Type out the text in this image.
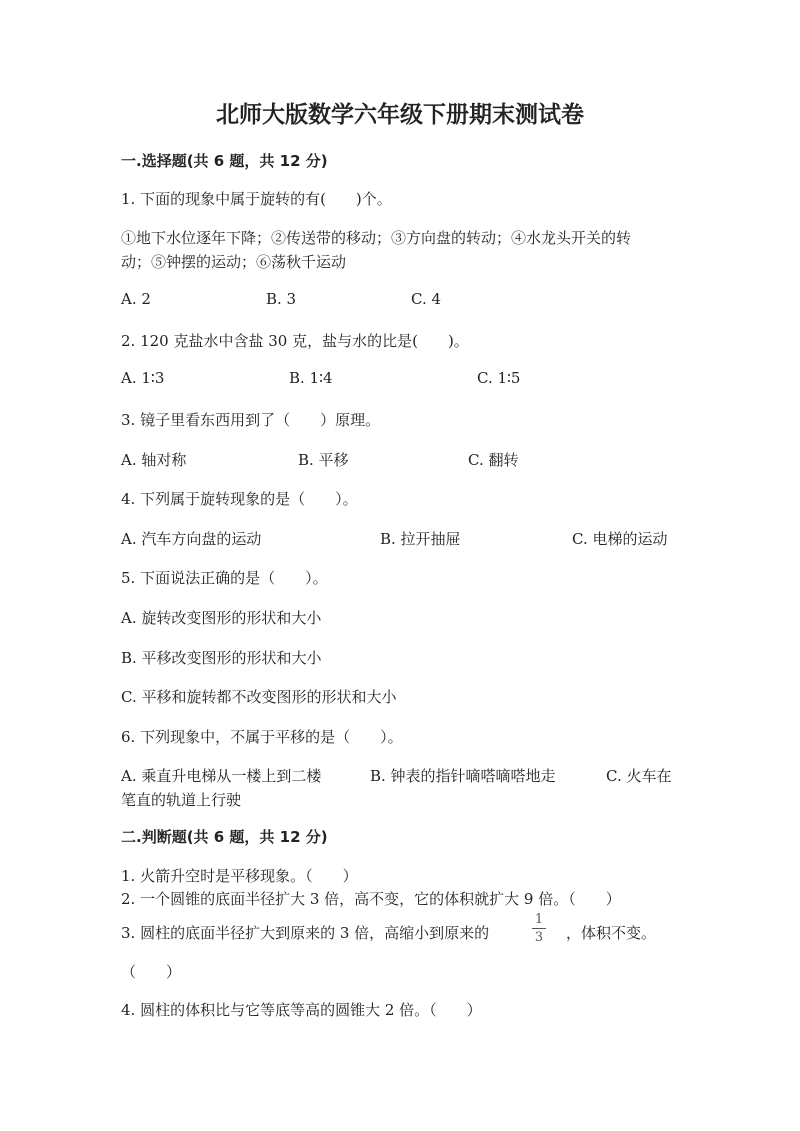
北师大版数学六年级下册期末测试卷
一.选择题(共 6 题，共 12 分)
1. 下面的现象中属于旋转的有(　　)个。
①地下水位逐年下降；②传送带的移动；③方向盘的转动；④水龙头开关的转
动；⑤钟摆的运动；⑥荡秋千运动
A. 2	B. 3	C. 4
2. 120 克盐水中含盐 30 克，盐与水的比是(　　)。
A. 1∶3	B. 1∶4	C. 1∶5
3. 镜子里看东西用到了（　　）原理。
A. 轴对称	B. 平移	C. 翻转
4. 下列属于旋转现象的是（　　）。
A. 汽车方向盘的运动	B. 拉开抽屉	C. 电梯的运动
5. 下面说法正确的是（　　）。
A. 旋转改变图形的形状和大小
B. 平移改变图形的形状和大小
C. 平移和旋转都不改变图形的形状和大小
6. 下列现象中，不属于平移的是（　　）。
A. 乘直升电梯从一楼上到二楼	B. 钟表的指针嘀嗒嘀嗒地走	C. 火车在
笔直的轨道上行驶
二.判断题(共 6 题，共 12 分)
1. 火箭升空时是平移现象。（　　）
2. 一个圆锥的底面半径扩大 3 倍，高不变，它的体积就扩大 9 倍。（　　）
3. 圆柱的底面半径扩大到原来的 3 倍，高缩小到原来的
1
3 ，体积不变。
（　　）
4. 圆柱的体积比与它等底等高的圆锥大 2 倍。（　　）
